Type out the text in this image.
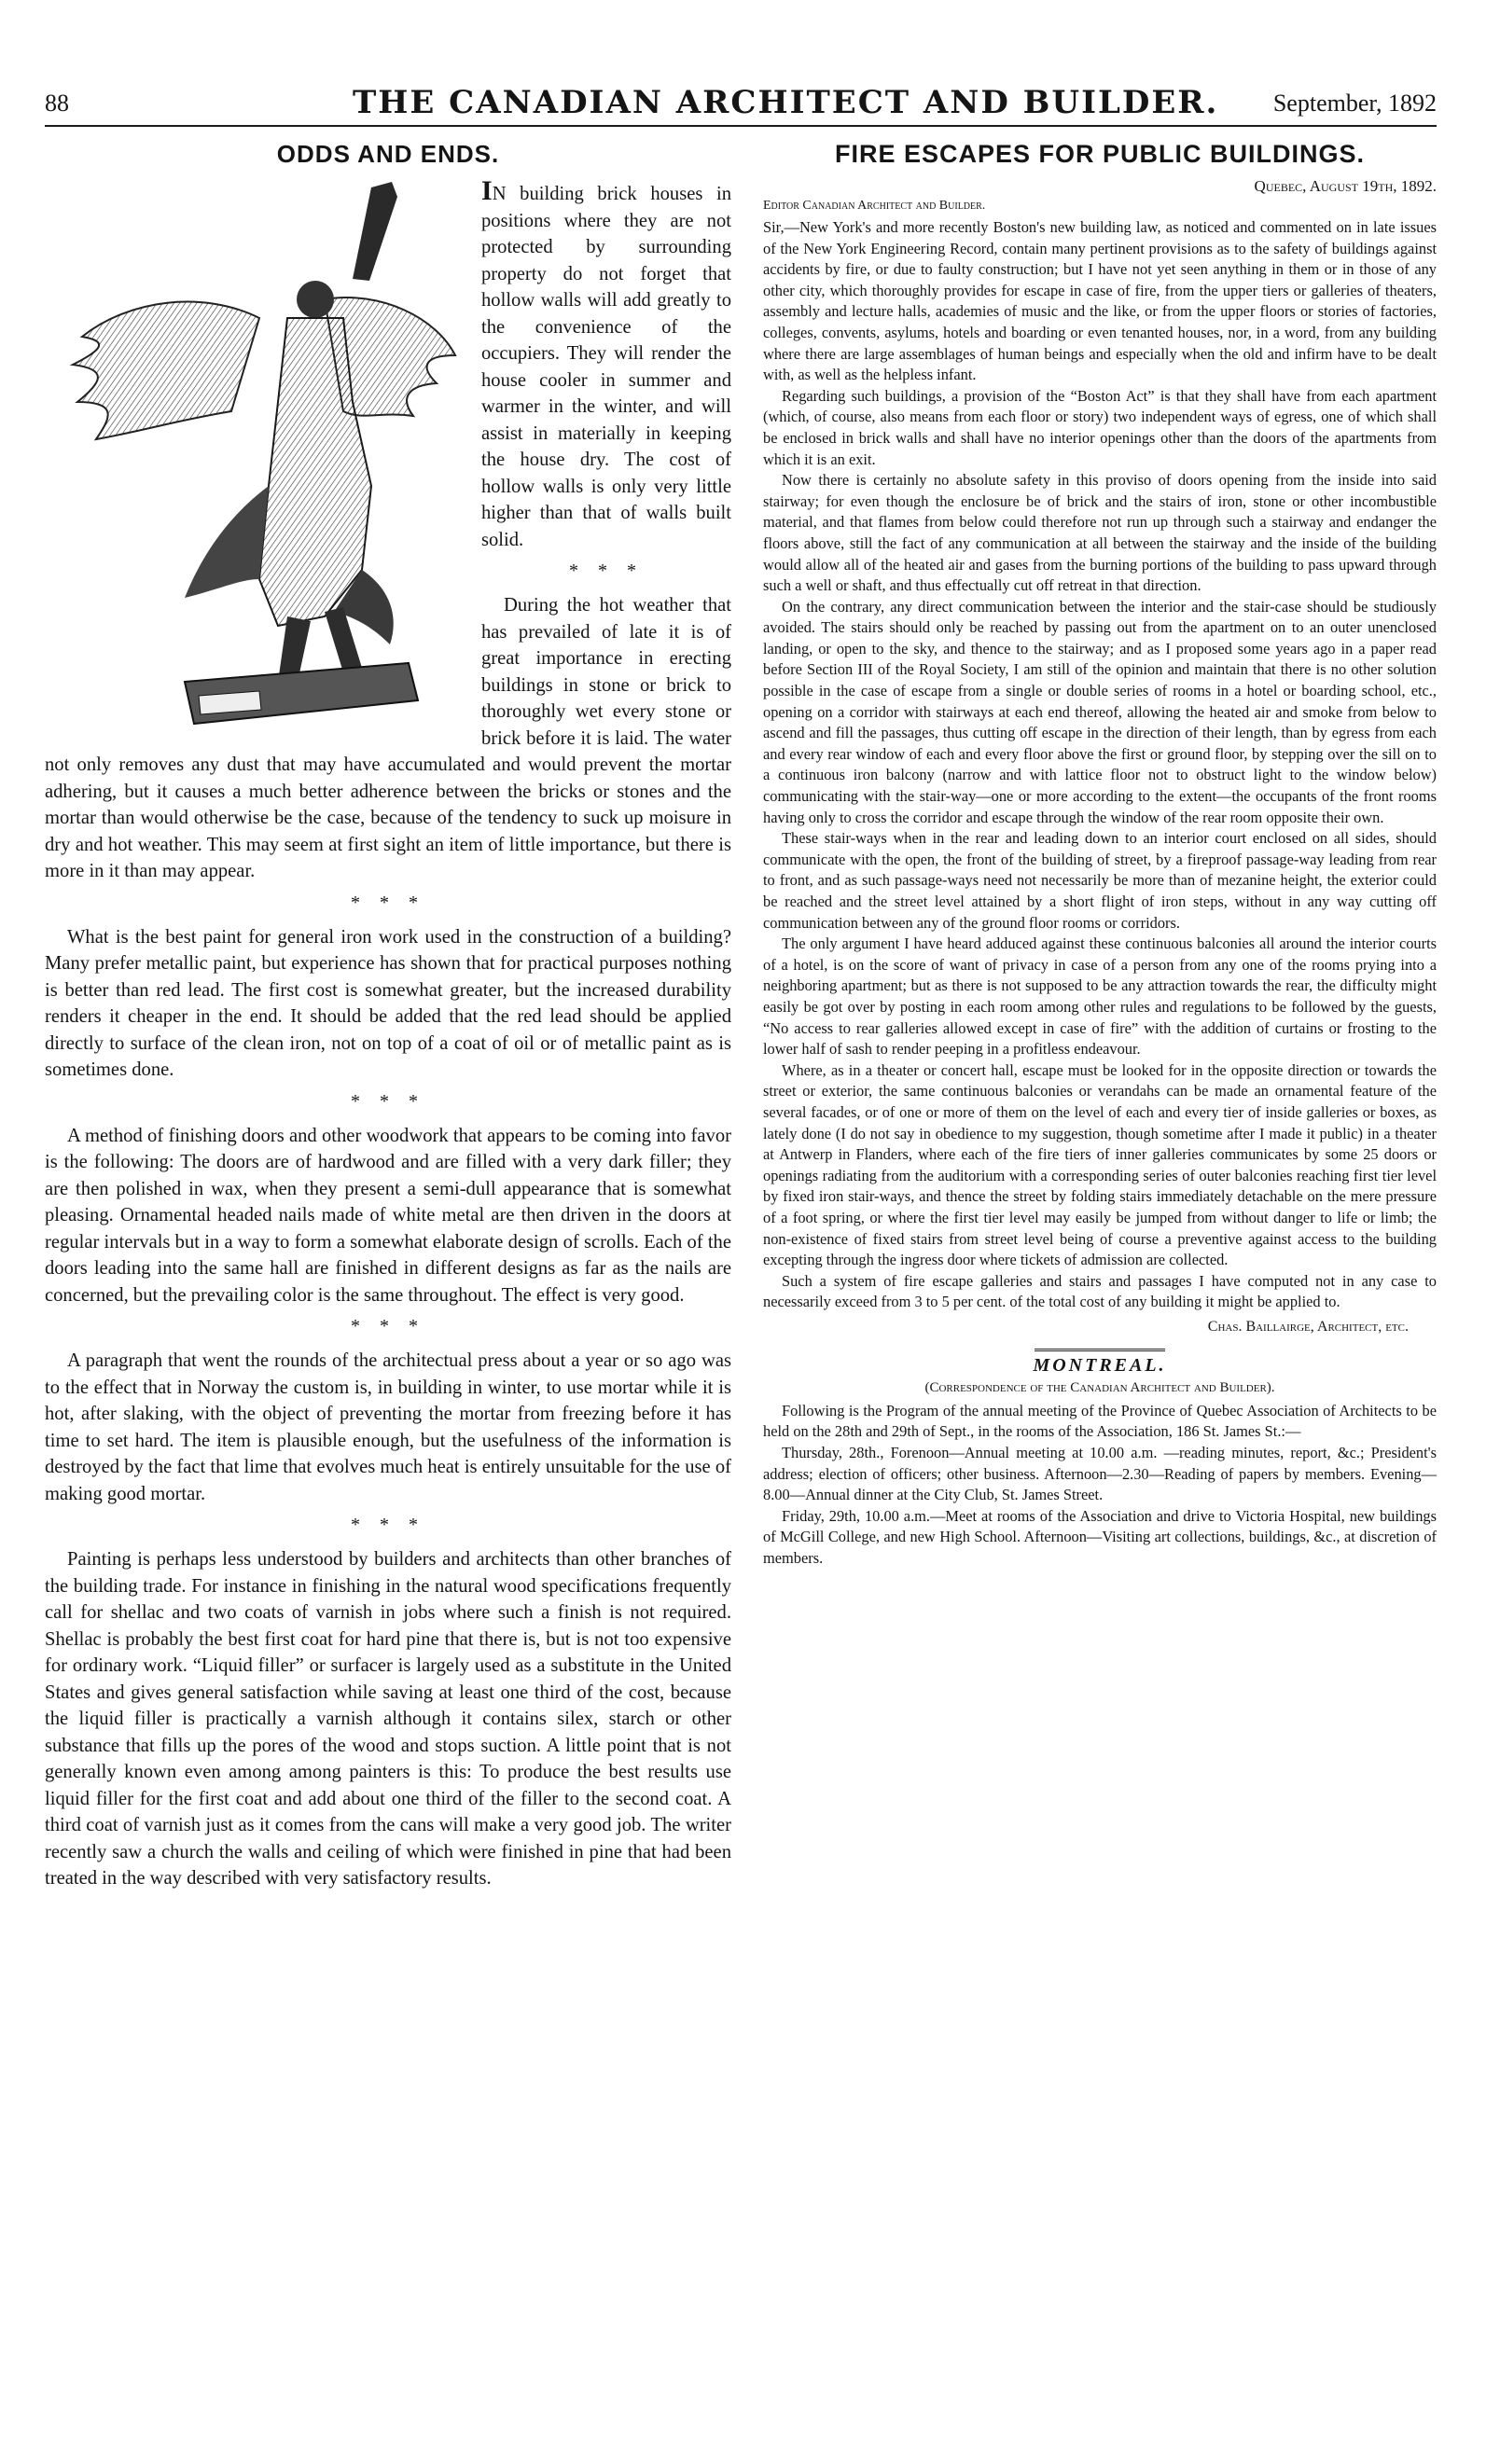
88	THE CANADIAN ARCHITECT AND BUILDER. September, 1892
ODDS AND ENDS.

IN building brick houses in positions where they are not protected by surrounding property do not forget that hollow walls will add greatly to the convenience of the occupiers. They will render the house cooler in summer and warmer in the winter, and will assist in materially in keeping the house dry. The cost of hollow walls is only very little higher than that of walls built solid.

* * *

During the hot weather that has prevailed of late it is of great importance in erecting buildings in stone or brick to thoroughly wet every stone or brick before it is laid. The water not only removes any dust that may have accumulated and would prevent the mortar adhering, but it causes a much better adherence between the bricks or stones and the mortar than would otherwise be the case, because of the tendency to suck up moisure in dry and hot weather. This may seem at first sight an item of little importance, but there is more in it than may appear.

* * *

What is the best paint for general iron work used in the construction of a building? Many prefer metallic paint, but experience has shown that for practical purposes nothing is better than red lead. The first cost is somewhat greater, but the increased durability renders it cheaper in the end. It should be added that the red lead should be applied directly to surface of the clean iron, not on top of a coat of oil or of metallic paint as is sometimes done.

* * *

A method of finishing doors and other woodwork that appears to be coming into favor is the following: The doors are of hardwood and are filled with a very dark filler; they are then polished in wax, when they present a semi-dull appearance that is somewhat pleasing. Ornamental headed nails made of white metal are then driven in the doors at regular intervals but in a way to form a somewhat elaborate design of scrolls. Each of the doors leading into the same hall are finished in different designs as far as the nails are concerned, but the prevailing color is the same throughout. The effect is very good.

* * *

A paragraph that went the rounds of the architectual press about a year or so ago was to the effect that in Norway the custom is, in building in winter, to use mortar while it is hot, after slaking, with the object of preventing the mortar from freezing before it has time to set hard. The item is plausible enough, but the usefulness of the information is destroyed by the fact that lime that evolves much heat is entirely unsuitable for the use of making good mortar.

* * *

Painting is perhaps less understood by builders and architects than other branches of the building trade. For instance in finishing in the natural wood specifications frequently call for shellac and two coats of varnish in jobs where such a finish is not required. Shellac is probably the best first coat for hard pine that there is, but is not too expensive for ordinary work. “Liquid filler” or surfacer is largely used as a substitute in the United States and gives general satisfaction while saving at least one third of the cost, because the liquid filler is practically a varnish although it contains silex, starch or other substance that fills up the pores of the wood and stops suction. A little point that is not generally known even among among painters is this: To produce the best results use liquid filler for the first coat and add about one third of the filler to the second coat. A third coat of varnish just as it comes from the cans will make a very good job. The writer recently saw a church the walls and ceiling of which were finished in pine that had been treated in the way described with very satisfactory results.

FIRE ESCAPES FOR PUBLIC BUILDINGS.
Quebec, August 19th, 1892.
Editor Canadian Architect and Builder.

Sir,—New York's and more recently Boston's new building law, as noticed and commented on in late issues of the New York Engineering Record, contain many pertinent provisions as to the safety of buildings against accidents by fire, or due to faulty construction; but I have not yet seen anything in them or in those of any other city, which thoroughly provides for escape in case of fire, from the upper tiers or galleries of theaters, assembly and lecture halls, academies of music and the like, or from the upper floors or stories of factories, colleges, convents, asylums, hotels and boarding or even tenanted houses, nor, in a word, from any building where there are large assemblages of human beings and especially when the old and infirm have to be dealt with, as well as the helpless infant.

Regarding such buildings, a provision of the “Boston Act” is that they shall have from each apartment (which, of course, also means from each floor or story) two independent ways of egress, one of which shall be enclosed in brick walls and shall have no interior openings other than the doors of the apartments from which it is an exit.

Now there is certainly no absolute safety in this proviso of doors opening from the inside into said stairway; for even though the enclosure be of brick and the stairs of iron, stone or other incombustible material, and that flames from below could therefore not run up through such a stairway and endanger the floors above, still the fact of any communication at all between the stairway and the inside of the building would allow all of the heated air and gases from the burning portions of the building to pass upward through such a well or shaft, and thus effectually cut off retreat in that direction.

On the contrary, any direct communication between the interior and the stair-case should be studiously avoided. The stairs should only be reached by passing out from the apartment on to an outer unenclosed landing, or open to the sky, and thence to the stairway; and as I proposed some years ago in a paper read before Section III of the Royal Society, I am still of the opinion and maintain that there is no other solution possible in the case of escape from a single or double series of rooms in a hotel or boarding school, etc., opening on a corridor with stairways at each end thereof, allowing the heated air and smoke from below to ascend and fill the passages, thus cutting off escape in the direction of their length, than by egress from each and every rear window of each and every floor above the first or ground floor, by stepping over the sill on to a continuous iron balcony (narrow and with lattice floor not to obstruct light to the window below) communicating with the stair-way—one or more according to the extent—the occupants of the front rooms having only to cross the corridor and escape through the window of the rear room opposite their own.

These stair-ways when in the rear and leading down to an interior court enclosed on all sides, should communicate with the open, the front of the building of street, by a fireproof passage-way leading from rear to front, and as such passage-ways need not necessarily be more than of mezanine height, the exterior could be reached and the street level attained by a short flight of iron steps, without in any way cutting off communication between any of the ground floor rooms or corridors.

The only argument I have heard adduced against these continuous balconies all around the interior courts of a hotel, is on the score of want of privacy in case of a person from any one of the rooms prying into a neighboring apartment; but as there is not supposed to be any attraction towards the rear, the difficulty might easily be got over by posting in each room among other rules and regulations to be followed by the guests, “No access to rear galleries allowed except in case of fire” with the addition of curtains or frosting to the lower half of sash to render peeping in a profitless endeavour.

Where, as in a theater or concert hall, escape must be looked for in the opposite direction or towards the street or exterior, the same continuous balconies or verandahs can be made an ornamental feature of the several facades, or of one or more of them on the level of each and every tier of inside galleries or boxes, as lately done (I do not say in obedience to my suggestion, though sometime after I made it public) in a theater at Antwerp in Flanders, where each of the fire tiers of inner galleries communicates by some 25 doors or openings radiating from the auditorium with a corresponding series of outer balconies reaching first tier level by fixed iron stair-ways, and thence the street by folding stairs immediately detachable on the mere pressure of a foot spring, or where the first tier level may easily be jumped from without danger to life or limb; the non-existence of fixed stairs from street level being of course a preventive against access to the building excepting through the ingress door where tickets of admission are collected.

Such a system of fire escape galleries and stairs and passages I have computed not in any case to necessarily exceed from 3 to 5 per cent. of the total cost of any building it might be applied to.

Chas. Baillairge, Architect, etc.
MONTREAL.
(Correspondence of the Canadian Architect and Builder).

Following is the Program of the annual meeting of the Province of Quebec Association of Architects to be held on the 28th and 29th of Sept., in the rooms of the Association, 186 St. James St.:—

Thursday, 28th., Forenoon—Annual meeting at 10.00 a.m. —reading minutes, report, &c.; President's address; election of officers; other business. Afternoon—2.30—Reading of papers by members. Evening—8.00—Annual dinner at the City Club, St. James Street.

Friday, 29th, 10.00 a.m.—Meet at rooms of the Association and drive to Victoria Hospital, new buildings of McGill College, and new High School. Afternoon—Visiting art collections, buildings, &c., at discretion of members.
